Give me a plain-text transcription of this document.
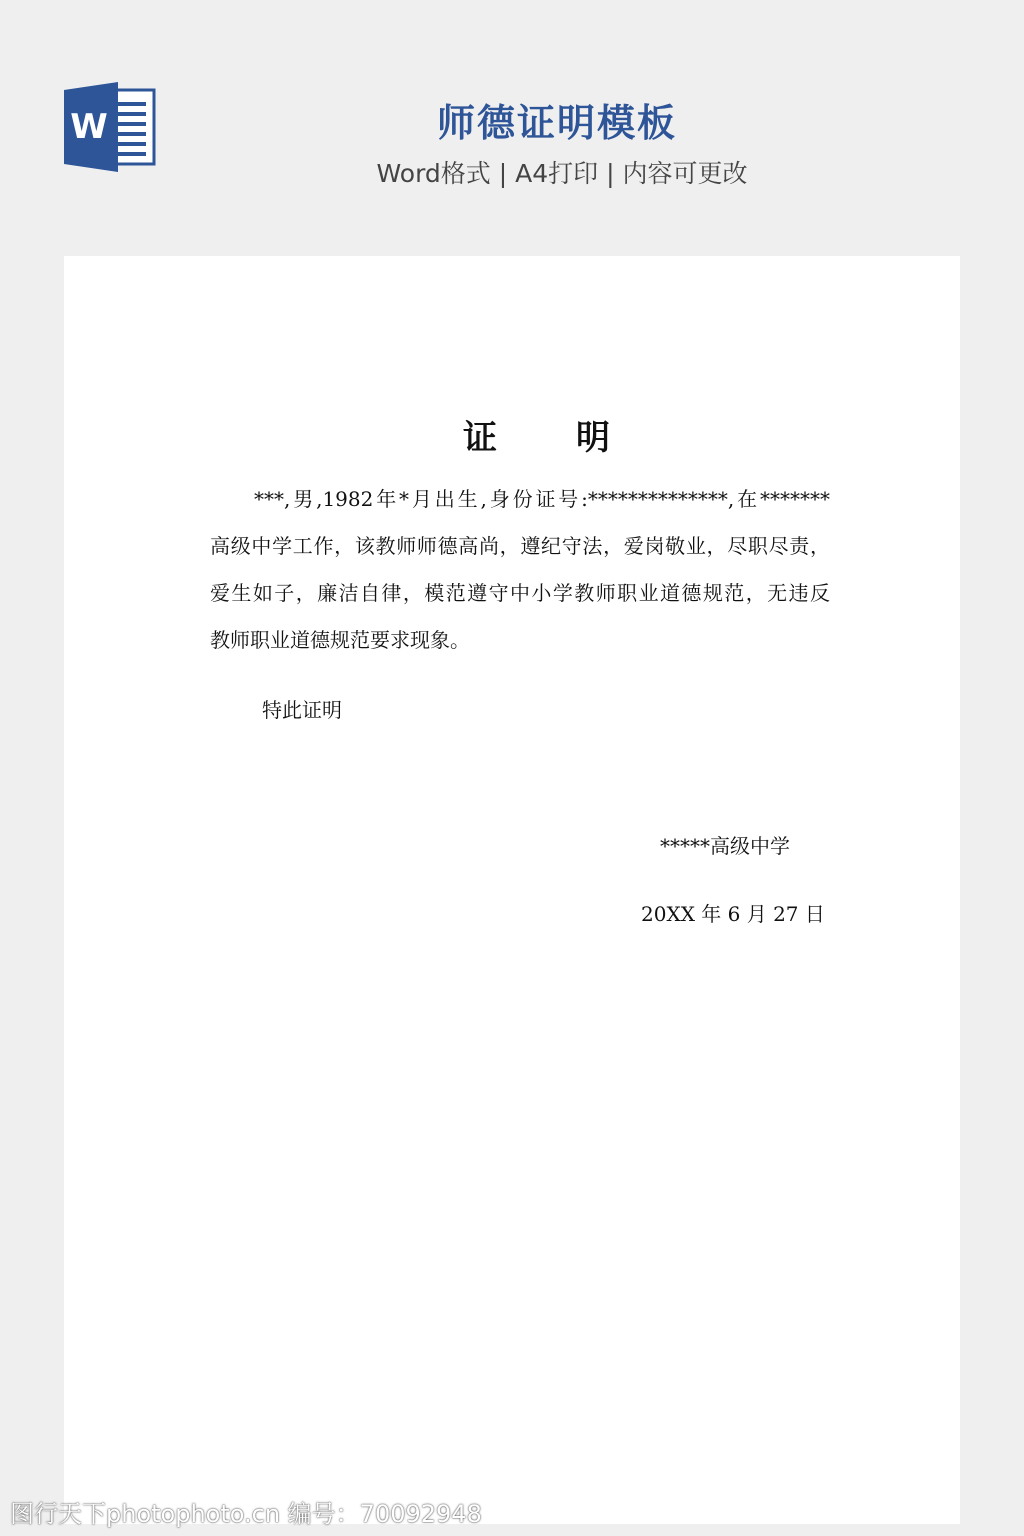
W	师德证明模板
Word格式 | A4打印 | 内容可更改
证 明
***,男,1982年*月出生,身份证号:**************,在*******
高级中学工作，该教师师德高尚，遵纪守法，爱岗敬业，尽职尽责，
爱生如子，廉洁自律，模范遵守中小学教师职业道德规范，无违反
教师职业道德规范要求现象。
特此证明
*****高级中学
20XX 年 6 月 27 日
图行天下photophoto.cn 编号：70092948
